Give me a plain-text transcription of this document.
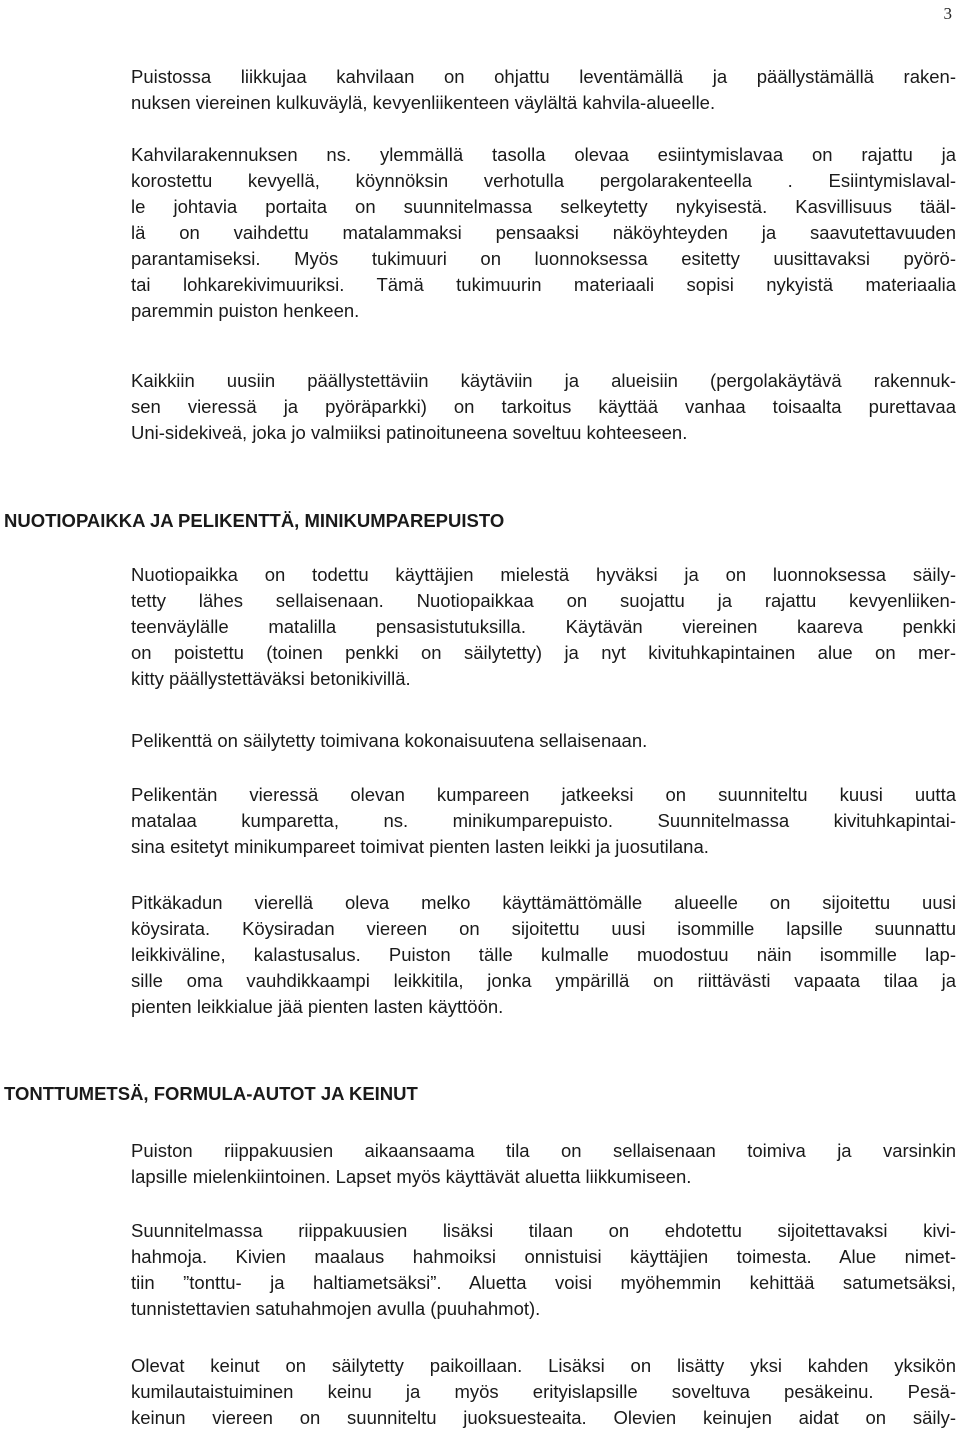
3
Puistossa liikkujaa kahvilaan on ohjattu leventämällä ja päällystämällä raken-
nuksen viereinen kulkuväylä, kevyenliikenteen väylältä kahvila-alueelle.
Kahvilarakennuksen ns. ylemmällä tasolla olevaa esiintymislavaa on rajattu ja
korostettu kevyellä, köynnöksin verhotulla pergolarakenteella . Esiintymislaval-
le johtavia portaita on suunnitelmassa selkeytetty nykyisestä. Kasvillisuus tääl-
lä on vaihdettu matalammaksi pensaaksi näköyhteyden ja saavutettavuuden
parantamiseksi. Myös tukimuuri on luonnoksessa esitetty uusittavaksi pyörö-
tai lohkarekivimuuriksi. Tämä tukimuurin materiaali sopisi nykyistä materiaalia
paremmin puiston henkeen.
Kaikkiin uusiin päällystettäviin käytäviin ja alueisiin (pergolakäytävä rakennuk-
sen vieressä ja pyöräparkki) on tarkoitus käyttää vanhaa toisaalta purettavaa
Uni-sidekiveä, joka jo valmiiksi patinoituneena soveltuu kohteeseen.
NUOTIOPAIKKA JA PELIKENTTÄ, MINIKUMPAREPUISTO
Nuotiopaikka on todettu käyttäjien mielestä hyväksi ja on luonnoksessa säily-
tetty lähes sellaisenaan. Nuotiopaikkaa on suojattu ja rajattu kevyenliiken-
teenväylälle matalilla pensasistutuksilla. Käytävän viereinen kaareva penkki
on poistettu (toinen penkki on säilytetty) ja nyt kivituhkapintainen alue on mer-
kitty päällystettäväksi betonikivillä.
Pelikenttä on säilytetty toimivana kokonaisuutena sellaisenaan.
Pelikentän vieressä olevan kumpareen jatkeeksi on suunniteltu kuusi uutta
matalaa kumparetta, ns. minikumparepuisto. Suunnitelmassa kivituhkapintai-
sina esitetyt minikumpareet toimivat pienten lasten leikki ja juosutilana.
Pitkäkadun vierellä oleva melko käyttämättömälle alueelle on sijoitettu uusi
köysirata. Köysiradan viereen on sijoitettu uusi isommille lapsille suunnattu
leikkiväline, kalastusalus. Puiston tälle kulmalle muodostuu näin isommille lap-
sille oma vauhdikkaampi leikkitila, jonka ympärillä on riittävästi vapaata tilaa ja
pienten leikkialue jää pienten lasten käyttöön.
TONTTUMETSÄ, FORMULA-AUTOT JA KEINUT
Puiston riippakuusien aikaansaama tila on sellaisenaan toimiva ja varsinkin
lapsille mielenkiintoinen. Lapset myös käyttävät aluetta liikkumiseen.
Suunnitelmassa riippakuusien lisäksi tilaan on ehdotettu sijoitettavaksi kivi-
hahmoja. Kivien maalaus hahmoiksi onnistuisi käyttäjien toimesta. Alue nimet-
tiin ”tonttu- ja haltiametsäksi”. Aluetta voisi myöhemmin kehittää satumetsäksi,
tunnistettavien satuhahmojen avulla (puuhahmot).
Olevat keinut on säilytetty paikoillaan. Lisäksi on lisätty yksi kahden yksikön
kumilautaistuiminen keinu ja myös erityislapsille soveltuva pesäkeinu. Pesä-
keinun viereen on suunniteltu juoksuesteaita. Olevien keinujen aidat on säily-
